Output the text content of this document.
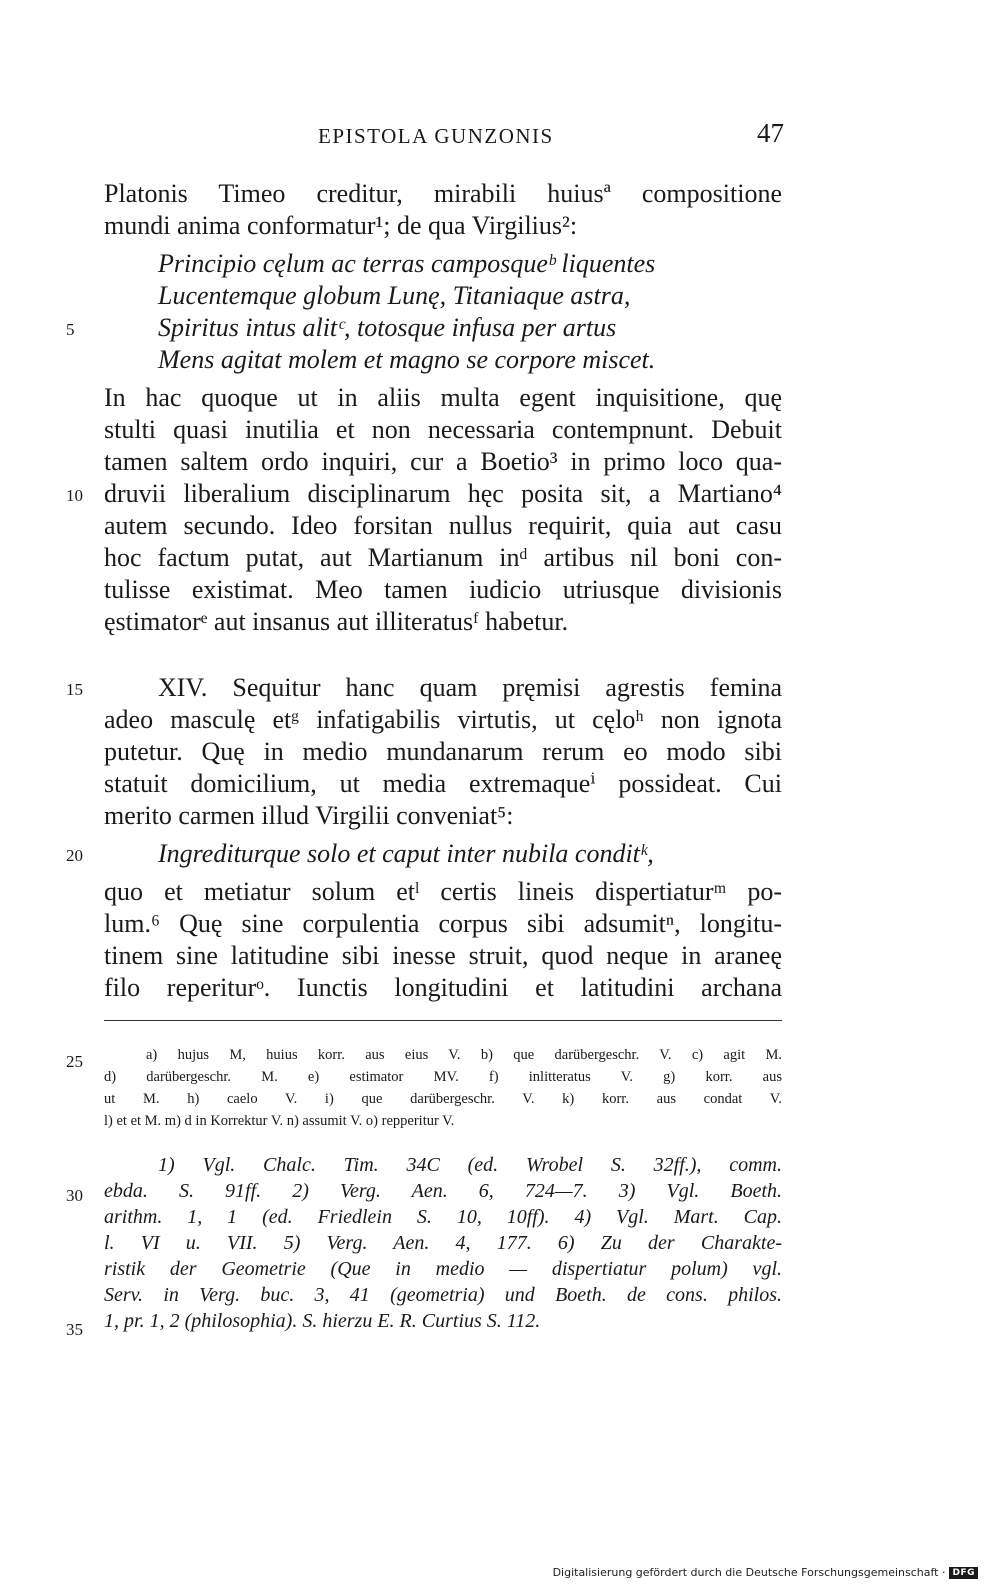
EPISTOLA GUNZONIS	47
Platonis Timeo creditur, mirabili huiusª compositione
mundi anima conformatur¹; de qua Virgilius²:
Principio cęlum ac terras camposqueᵇ liquentes
Lucentemque globum Lunę, Titaniaque astra,
Spiritus intus alitᶜ, totosque infusa per artus
Mens agitat molem et magno se corpore miscet.
In hac quoque ut in aliis multa egent inquisitione, quę
stulti quasi inutilia et non necessaria contempnunt. Debuit
tamen saltem ordo inquiri, cur a Boetio³ in primo loco qua-
druvii liberalium disciplinarum hęc posita sit, a Martiano⁴
autem secundo. Ideo forsitan nullus requirit, quia aut casu
hoc factum putat, aut Martianum inᵈ artibus nil boni con-
tulisse existimat. Meo tamen iudicio utriusque divisionis
ęstimatorᵉ aut insanus aut illiteratusᶠ habetur.
XIV. Sequitur hanc quam pręmisi agrestis femina
adeo masculę etᵍ infatigabilis virtutis, ut cęloʰ non ignota
putetur. Quę in medio mundanarum rerum eo modo sibi
statuit domicilium, ut media extremaqueⁱ possideat. Cui
merito carmen illud Virgilii conveniat⁵:
Ingrediturque solo et caput inter nubila conditᵏ,
quo et metiatur solum etˡ certis lineis dispertiaturᵐ po-
lum.⁶ Quę sine corpulentia corpus sibi adsumitⁿ, longitu-
tinem sine latitudine sibi inesse struit, quod neque in araneę
filo reperiturᵒ. Iunctis longitudini et latitudini archana
5
10
15
20
25
30
35
a) hujus M, huius korr. aus eius V. b) que darübergeschr. V. c) agit M.
d) darübergeschr. M. e) estimator MV. f) inlitteratus V. g) korr. aus
ut M. h) caelo V. i) que darübergeschr. V. k) korr. aus condat V.
l) et et M. m) d in Korrektur V. n) assumit V. o) repperitur V.
1) Vgl. Chalc. Tim. 34C (ed. Wrobel S. 32ff.), comm.
ebda. S. 91ff. 2) Verg. Aen. 6, 724—7. 3) Vgl. Boeth.
arithm. 1, 1 (ed. Friedlein S. 10, 10ff). 4) Vgl. Mart. Cap.
l. VI u. VII. 5) Verg. Aen. 4, 177. 6) Zu der Charakte-
ristik der Geometrie (Que in medio — dispertiatur polum) vgl.
Serv. in Verg. buc. 3, 41 (geometria) und Boeth. de cons. philos.
1, pr. 1, 2 (philosophia). S. hierzu E. R. Curtius S. 112.
Digitalisierung gefördert durch die Deutsche Forschungsgemeinschaft · DFG
